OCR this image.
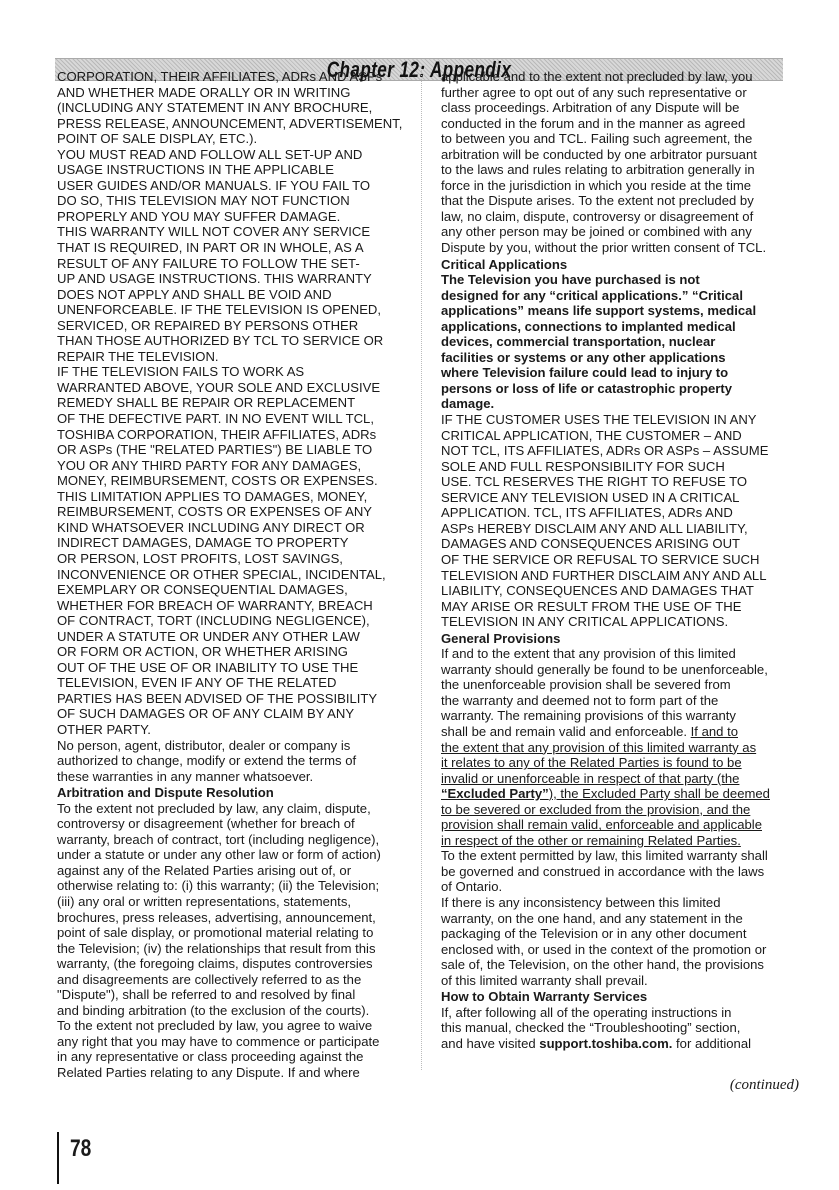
Chapter 12: Appendix
CORPORATION, THEIR AFFILIATES, ADRs AND ASPs
AND WHETHER MADE ORALLY OR IN WRITING
(INCLUDING ANY STATEMENT IN ANY BROCHURE,
PRESS RELEASE, ANNOUNCEMENT, ADVERTISEMENT,
POINT OF SALE DISPLAY, ETC.).
YOU MUST READ AND FOLLOW ALL SET-UP AND
USAGE INSTRUCTIONS IN THE APPLICABLE
USER GUIDES AND/OR MANUALS. IF YOU FAIL TO
DO SO, THIS TELEVISION MAY NOT FUNCTION
PROPERLY AND YOU MAY SUFFER DAMAGE.
THIS WARRANTY WILL NOT COVER ANY SERVICE
THAT IS REQUIRED, IN PART OR IN WHOLE, AS A
RESULT OF ANY FAILURE TO FOLLOW THE SET-
UP AND USAGE INSTRUCTIONS. THIS WARRANTY
DOES NOT APPLY AND SHALL BE VOID AND
UNENFORCEABLE. IF THE TELEVISION IS OPENED,
SERVICED, OR REPAIRED BY PERSONS OTHER
THAN THOSE AUTHORIZED BY TCL TO SERVICE OR
REPAIR THE TELEVISION.
IF THE TELEVISION FAILS TO WORK AS
WARRANTED ABOVE, YOUR SOLE AND EXCLUSIVE
REMEDY SHALL BE REPAIR OR REPLACEMENT
OF THE DEFECTIVE PART. IN NO EVENT WILL TCL,
TOSHIBA CORPORATION, THEIR AFFILIATES, ADRs
OR ASPs (THE "RELATED PARTIES") BE LIABLE TO
YOU OR ANY THIRD PARTY FOR ANY DAMAGES,
MONEY, REIMBURSEMENT, COSTS OR EXPENSES.
THIS LIMITATION APPLIES TO DAMAGES, MONEY,
REIMBURSEMENT, COSTS OR EXPENSES OF ANY
KIND WHATSOEVER INCLUDING ANY DIRECT OR
INDIRECT DAMAGES, DAMAGE TO PROPERTY
OR PERSON, LOST PROFITS, LOST SAVINGS,
INCONVENIENCE OR OTHER SPECIAL, INCIDENTAL,
EXEMPLARY OR CONSEQUENTIAL DAMAGES,
WHETHER FOR BREACH OF WARRANTY, BREACH
OF CONTRACT, TORT (INCLUDING NEGLIGENCE),
UNDER A STATUTE OR UNDER ANY OTHER LAW
OR FORM OR ACTION, OR WHETHER ARISING
OUT OF THE USE OF OR INABILITY TO USE THE
TELEVISION, EVEN IF ANY OF THE RELATED
PARTIES HAS BEEN ADVISED OF THE POSSIBILITY
OF SUCH DAMAGES OR OF ANY CLAIM BY ANY
OTHER PARTY.
No person, agent, distributor, dealer or company is
authorized to change, modify or extend the terms of
these warranties in any manner whatsoever.
Arbitration and Dispute Resolution
To the extent not precluded by law, any claim, dispute,
controversy or disagreement (whether for breach of
warranty, breach of contract, tort (including negligence),
under a statute or under any other law or form of action)
against any of the Related Parties arising out of, or
otherwise relating to: (i) this warranty; (ii) the Television;
(iii) any oral or written representations, statements,
brochures, press releases, advertising, announcement,
point of sale display, or promotional material relating to
the Television; (iv) the relationships that result from this
warranty, (the foregoing claims, disputes controversies
and disagreements are collectively referred to as the
"Dispute"), shall be referred to and resolved by final
and binding arbitration (to the exclusion of the courts).
To the extent not precluded by law, you agree to waive
any right that you may have to commence or participate
in any representative or class proceeding against the
Related Parties relating to any Dispute. If and where
applicable and to the extent not precluded by law, you
further agree to opt out of any such representative or
class proceedings. Arbitration of any Dispute will be
conducted in the forum and in the manner as agreed
to between you and TCL. Failing such agreement, the
arbitration will be conducted by one arbitrator pursuant
to the laws and rules relating to arbitration generally in
force in the jurisdiction in which you reside at the time
that the Dispute arises. To the extent not precluded by
law, no claim, dispute, controversy or disagreement of
any other person may be joined or combined with any
Dispute by you, without the prior written consent of TCL.
Critical Applications
The Television you have purchased is not
designed for any “critical applications.” “Critical
applications” means life support systems, medical
applications, connections to implanted medical
devices, commercial transportation, nuclear
facilities or systems or any other applications
where Television failure could lead to injury to
persons or loss of life or catastrophic property
damage.
IF THE CUSTOMER USES THE TELEVISION IN ANY
CRITICAL APPLICATION, THE CUSTOMER – AND
NOT TCL, ITS AFFILIATES, ADRs OR ASPs – ASSUME
SOLE AND FULL RESPONSIBILITY FOR SUCH
USE. TCL RESERVES THE RIGHT TO REFUSE TO
SERVICE ANY TELEVISION USED IN A CRITICAL
APPLICATION. TCL, ITS AFFILIATES, ADRs AND
ASPs HEREBY DISCLAIM ANY AND ALL LIABILITY,
DAMAGES AND CONSEQUENCES ARISING OUT
OF THE SERVICE OR REFUSAL TO SERVICE SUCH
TELEVISION AND FURTHER DISCLAIM ANY AND ALL
LIABILITY, CONSEQUENCES AND DAMAGES THAT
MAY ARISE OR RESULT FROM THE USE OF THE
TELEVISION IN ANY CRITICAL APPLICATIONS.
General Provisions
If and to the extent that any provision of this limited
warranty should generally be found to be unenforceable,
the unenforceable provision shall be severed from
the warranty and deemed not to form part of the
warranty. The remaining provisions of this warranty
shall be and remain valid and enforceable. If and to
the extent that any provision of this limited warranty as
it relates to any of the Related Parties is found to be
invalid or unenforceable in respect of that party (the
“Excluded Party”), the Excluded Party shall be deemed
to be severed or excluded from the provision, and the
provision shall remain valid, enforceable and applicable
in respect of the other or remaining Related Parties.
To the extent permitted by law, this limited warranty shall
be governed and construed in accordance with the laws
of Ontario.
If there is any inconsistency between this limited
warranty, on the one hand, and any statement in the
packaging of the Television or in any other document
enclosed with, or used in the context of the promotion or
sale of, the Television, on the other hand, the provisions
of this limited warranty shall prevail.
How to Obtain Warranty Services
If, after following all of the operating instructions in
this manual, checked the “Troubleshooting” section,
and have visited support.toshiba.com. for additional
(continued)
78
